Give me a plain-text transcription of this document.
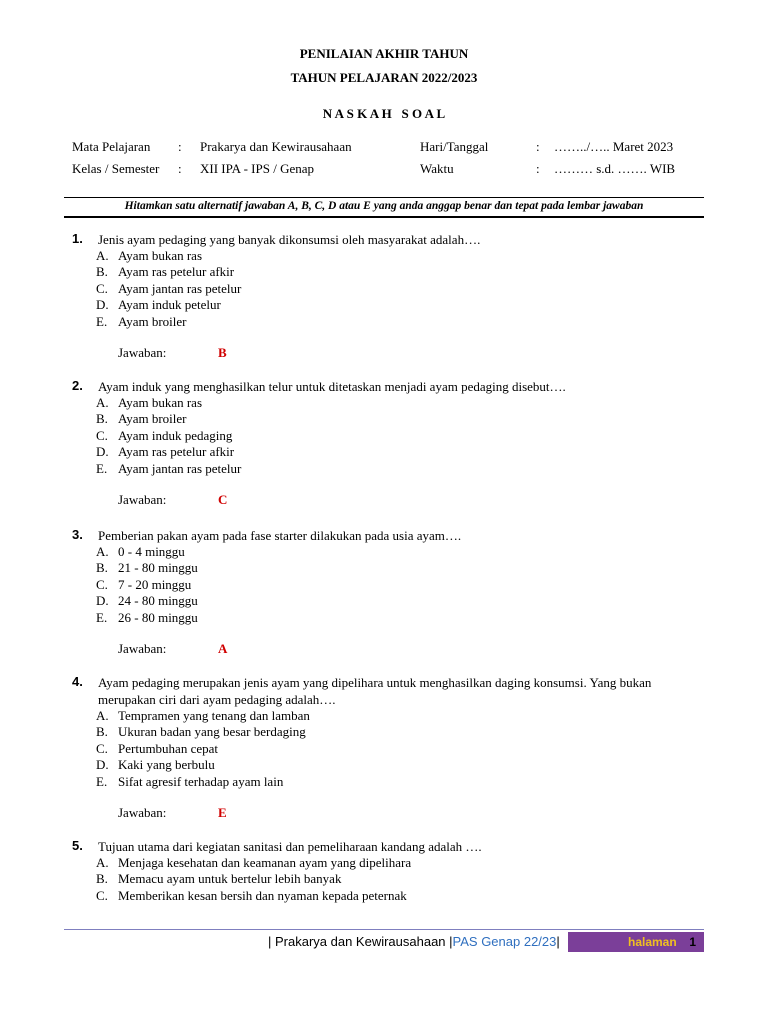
PENILAIAN AKHIR TAHUN
TAHUN PELAJARAN 2022/2023
N A S K A H   S O A L
Mata Pelajaran : Prakarya dan Kewirausahaan	Hari/Tanggal	: ……../….. Maret 2023
Kelas / Semester : XII IPA - IPS / Genap	Waktu	: ……… s.d. ……. WIB
Hitamkan satu alternatif jawaban A, B, C, D atau E yang anda anggap benar dan tepat pada lembar jawaban
1. Jenis ayam pedaging yang banyak dikonsumsi oleh masyarakat adalah….
A. Ayam bukan ras
B. Ayam ras petelur afkir
C. Ayam jantan ras petelur
D. Ayam induk petelur
E. Ayam broiler
Jawaban:	B
2. Ayam induk yang menghasilkan telur untuk ditetaskan menjadi ayam pedaging disebut….
A. Ayam bukan ras
B. Ayam broiler
C. Ayam induk pedaging
D. Ayam ras petelur afkir
E. Ayam jantan ras petelur
Jawaban:	C
3. Pemberian pakan ayam pada fase starter dilakukan pada usia ayam….
A. 0 - 4 minggu
B. 21 - 80 minggu
C. 7 - 20 minggu
D. 24 - 80 minggu
E. 26 - 80 minggu
Jawaban:	A
4. Ayam pedaging merupakan jenis ayam yang dipelihara untuk menghasilkan daging konsumsi. Yang bukan merupakan ciri dari ayam pedaging adalah….
A. Tempramen yang tenang dan lamban
B. Ukuran badan yang besar berdaging
C. Pertumbuhan cepat
D. Kaki yang berbulu
E. Sifat agresif terhadap ayam lain
Jawaban:	E
5. Tujuan utama dari kegiatan sanitasi dan pemeliharaan kandang adalah ….
A. Menjaga kesehatan dan keamanan ayam yang dipelihara
B. Memacu ayam untuk bertelur lebih banyak
C. Memberikan kesan bersih dan nyaman kepada peternak
| Prakarya dan Kewirausahaan |PAS Genap 22/23|	halaman 1
